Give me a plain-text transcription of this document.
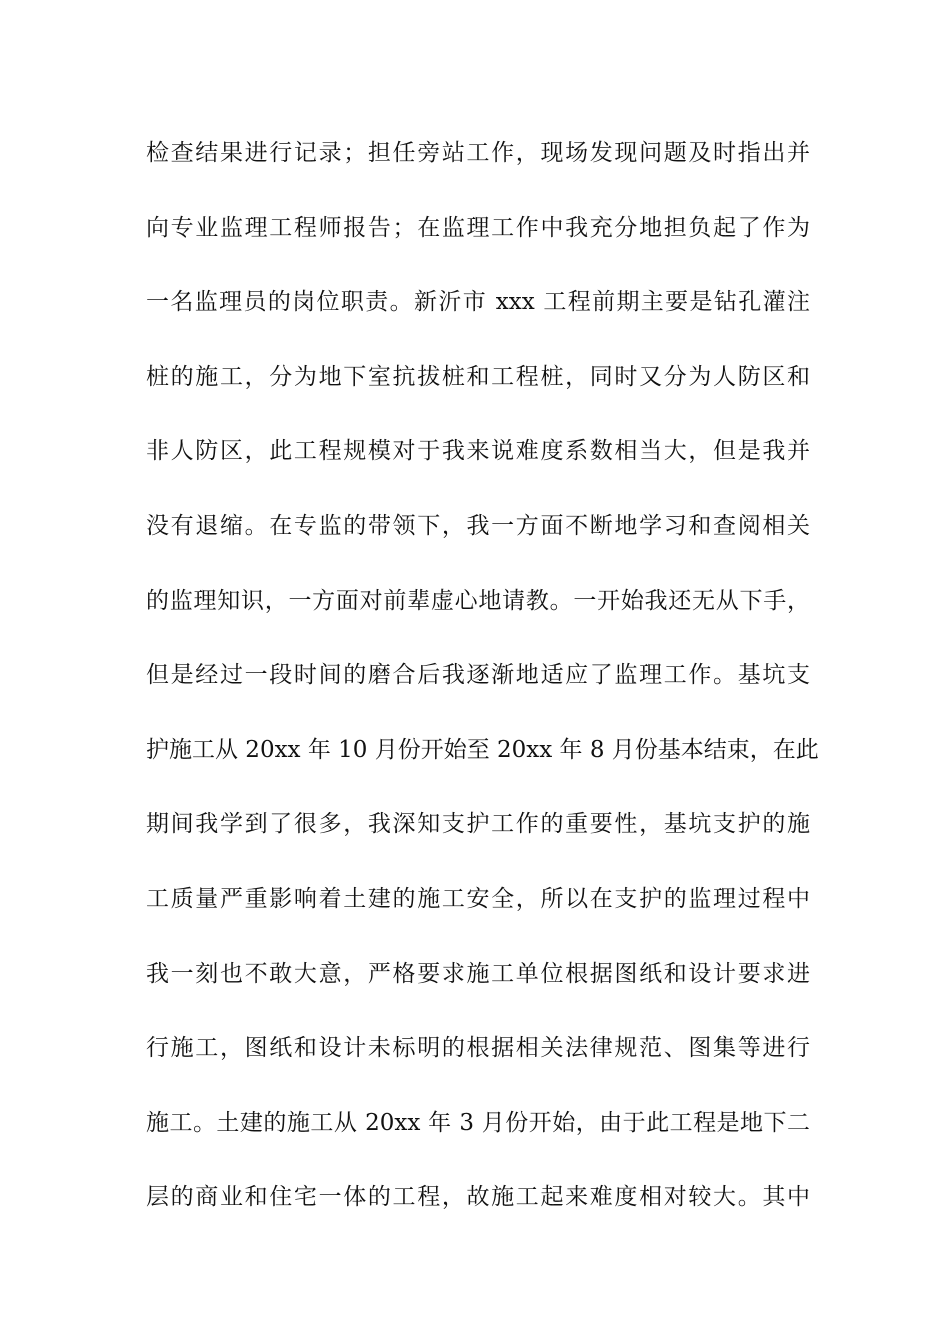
检查结果进行记录；担任旁站工作，现场发现问题及时指出并
向专业监理工程师报告；在监理工作中我充分地担负起了作为
一名监理员的岗位职责。新沂市 xxx 工程前期主要是钻孔灌注
桩的施工，分为地下室抗拔桩和工程桩，同时又分为人防区和
非人防区，此工程规模对于我来说难度系数相当大，但是我并
没有退缩。在专监的带领下，我一方面不断地学习和查阅相关
的监理知识，一方面对前辈虚心地请教。一开始我还无从下手，
但是经过一段时间的磨合后我逐渐地适应了监理工作。基坑支
护施工从 20xx 年 10 月份开始至 20xx 年 8 月份基本结束，在此
期间我学到了很多，我深知支护工作的重要性，基坑支护的施
工质量严重影响着土建的施工安全，所以在支护的监理过程中
我一刻也不敢大意，严格要求施工单位根据图纸和设计要求进
行施工，图纸和设计未标明的根据相关法律规范、图集等进行
施工。土建的施工从 20xx 年 3 月份开始，由于此工程是地下二
层的商业和住宅一体的工程，故施工起来难度相对较大。其中
